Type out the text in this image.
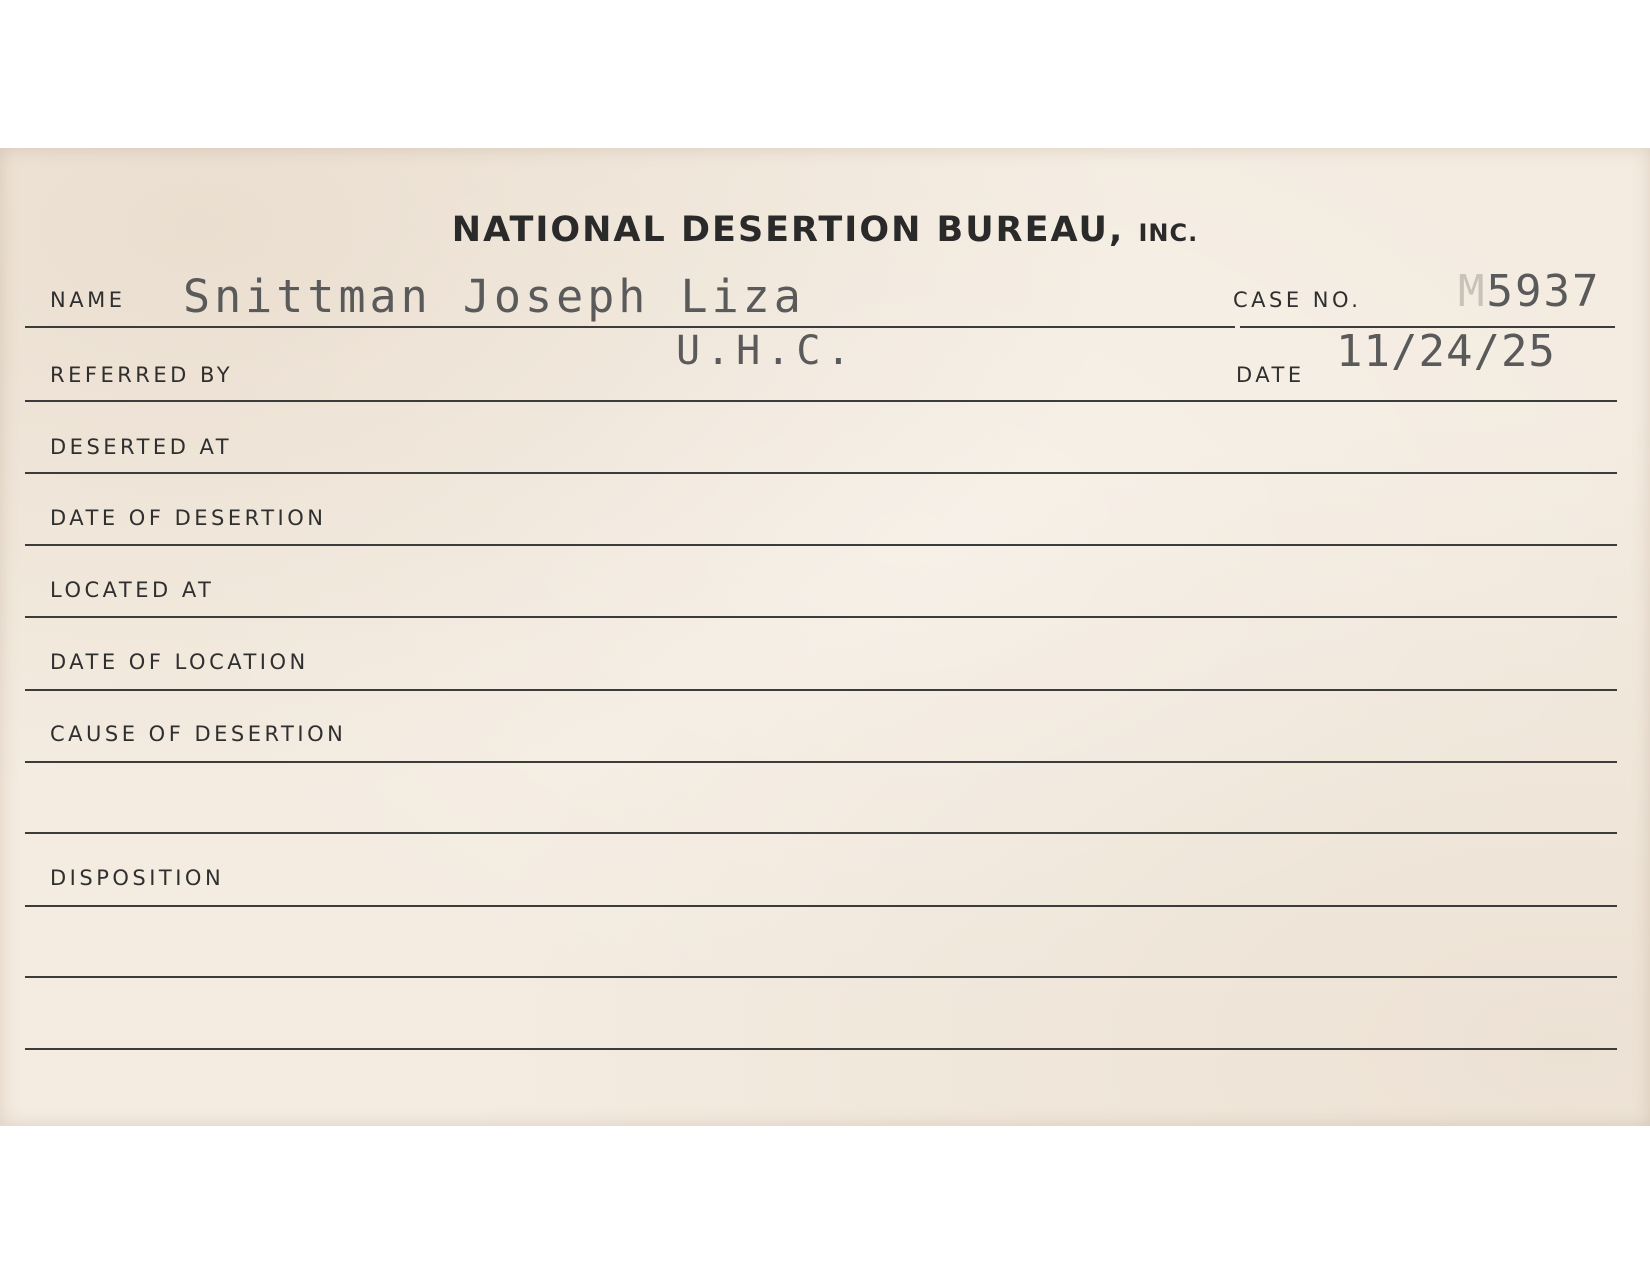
NATIONAL DESERTION BUREAU, INC.
NAME Snittman Joseph Liza	CASE NO. M5937
REFERRED BY
U.H.C.
DATE 11/24/25
DESERTED AT
DATE OF DESERTION
LOCATED AT
DATE OF LOCATION
CAUSE OF DESERTION
DISPOSITION
